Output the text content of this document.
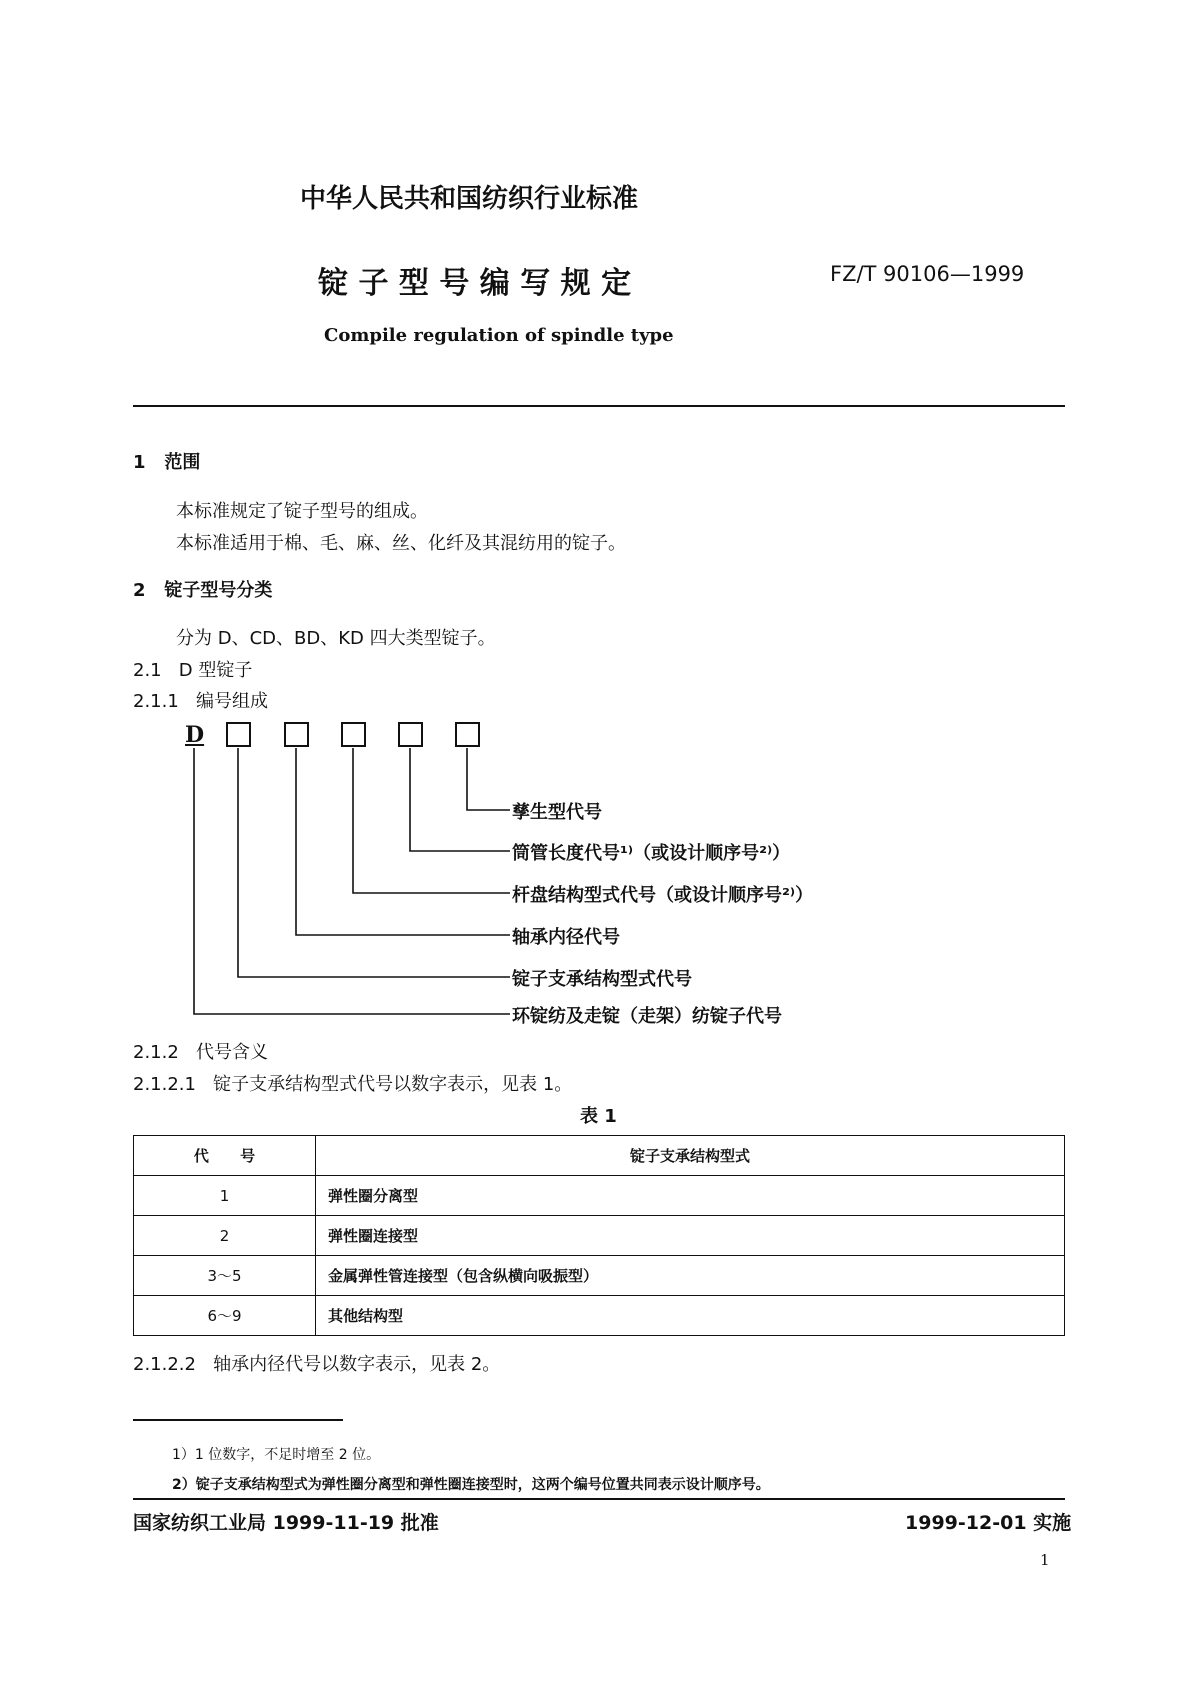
中华人民共和国纺织行业标准
锭 子 型 号 编 写 规 定	FZ/T 90106—1999
Compile regulation of spindle type
1   范围
本标准规定了锭子型号的组成。
本标准适用于棉、毛、麻、丝、化纤及其混纺用的锭子。
2   锭子型号分类
分为 D、CD、BD、KD 四大类型锭子。
2.1   D 型锭子
2.1.1   编号组成
D
孳生型代号
筒管长度代号¹⁾（或设计顺序号²⁾）
杆盘结构型式代号（或设计顺序号²⁾）
轴承内径代号
锭子支承结构型式代号
环锭纺及走锭（走架）纺锭子代号
2.1.2   代号含义
2.1.2.1   锭子支承结构型式代号以数字表示，见表 1。
表 1
代      号	锭子支承结构型式
1	弹性圈分离型
2	弹性圈连接型
3～5	金属弹性管连接型（包含纵横向吸振型）
6～9	其他结构型
2.1.2.2   轴承内径代号以数字表示，见表 2。
1）1 位数字，不足时增至 2 位。
2）锭子支承结构型式为弹性圈分离型和弹性圈连接型时，这两个编号位置共同表示设计顺序号。
国家纺织工业局 1999-11-19 批准	1999-12-01 实施
1
